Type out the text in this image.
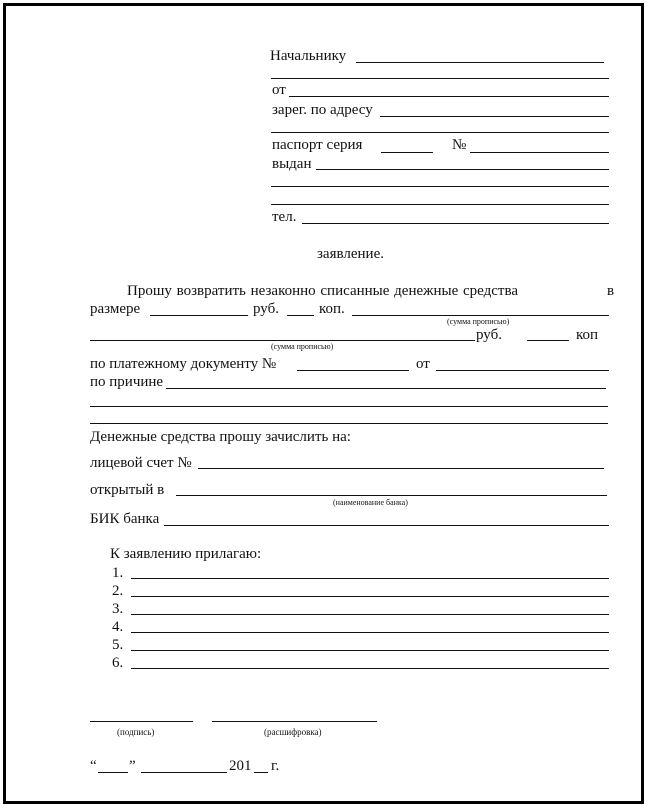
Начальнику
от
зарег. по адресу
паспорт серия	№
выдан
тел.
заявление.
Прошу возвратить незаконно списанные денежные средства	в
размере	руб.	коп.
(сумма прописью)
руб.	коп
(сумма прописью)
по платежному документу №	от
по причине
Денежные средства прошу зачислить на:
лицевой счет №
открытый в
(наименование банка)
БИК банка
К заявлению прилагаю:
1.
2.
3.
4.
5.
6.
(подпись)	(расшифровка)
“ ”	201 г.
